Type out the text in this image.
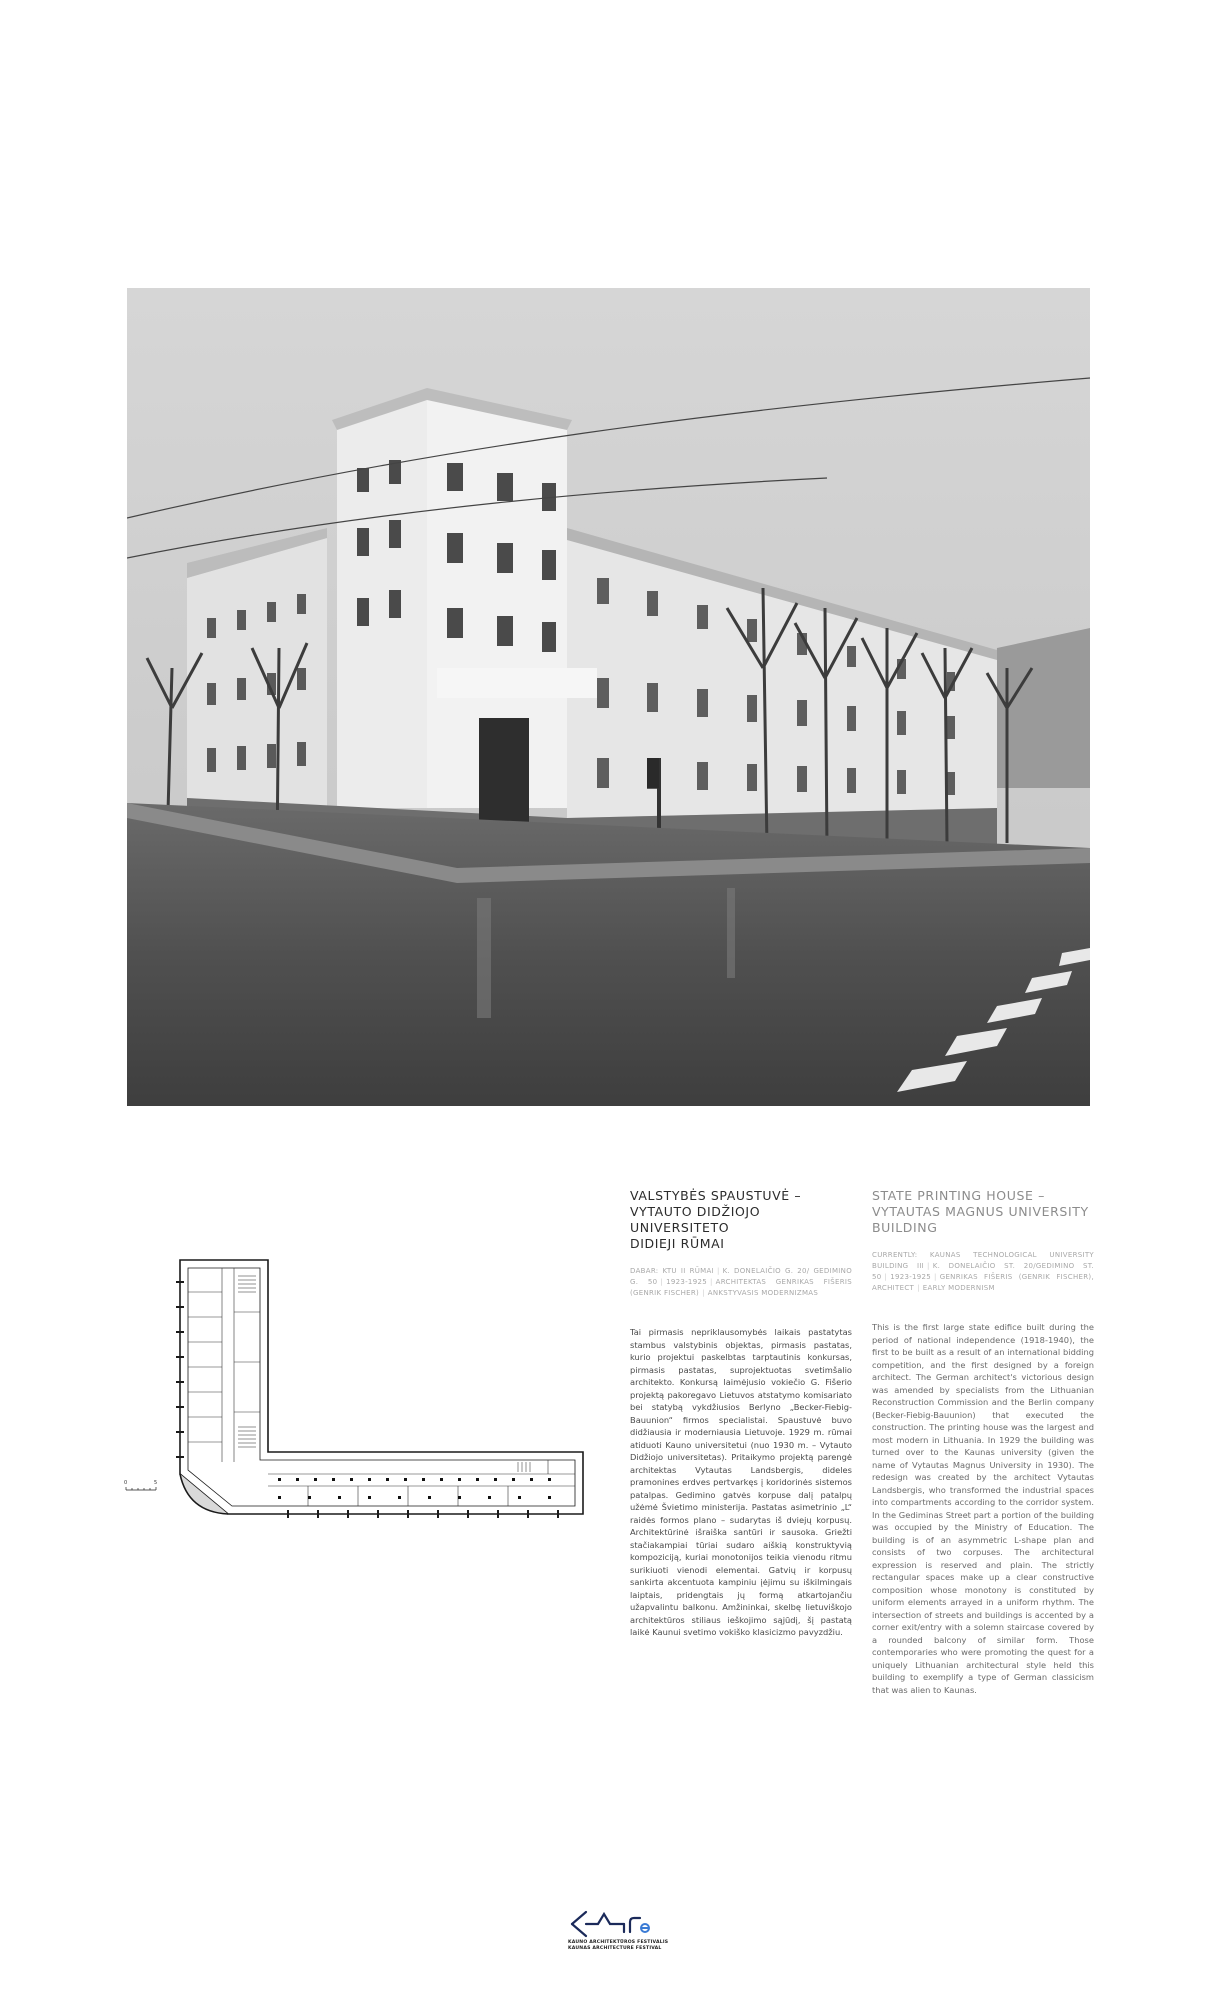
0	5
VALSTYBĖS SPAUSTUVĖ –
VYTAUTO DIDŽIOJO UNIVERSITETO
DIDIEJI RŪMAI
DABAR: KTU II RŪMAI | K. DONELAIČIO G. 20/ GEDIMINO G. 50 | 1923-1925 | ARCHITEKTAS GENRIKAS FIŠERIS (GENRIK FISCHER) | ANKSTYVASIS MODERNIZMAS

Tai pirmasis nepriklausomybės laikais pastatytas stambus valstybinis objektas, pirmasis pastatas, kurio projektui paskelbtas tarptautinis konkursas, pirmasis pastatas, suprojektuotas svetimšalio architekto. Konkursą laimėjusio vokiečio G. Fišerio projektą pakoregavo Lietuvos atstatymo komisariato bei statybą vykdžiusios Berlyno „Becker-Fiebig-Bauunion“ firmos specialistai. Spaustuvė buvo didžiausia ir moderniausia Lietuvoje. 1929 m. rūmai atiduoti Kauno universitetui (nuo 1930 m. – Vytauto Didžiojo universitetas). Pritaikymo projektą parengė architektas Vytautas Landsbergis, dideles pramonines erdves pertvarkęs į koridorinės sistemos patalpas. Gedimino gatvės korpuse dalį patalpų užėmė Švietimo ministerija. Pastatas asimetrinio „L“ raidės formos plano – sudarytas iš dviejų korpusų. Architektūrinė išraiška santūri ir sausoka. Griežti stačiakampiai tūriai sudaro aiškią konstruktyvią kompoziciją, kuriai monotonijos teikia vienodu ritmu surikiuoti vienodi elementai. Gatvių ir korpusų sankirta akcentuota kampiniu įėjimu su iškilmingais laiptais, pridengtais jų formą atkartojančiu užapvalintu balkonu. Amžininkai, skelbę lietuviškojo architektūros stiliaus ieškojimo sąjūdį, šį pastatą laikė Kaunui svetimo vokiško klasicizmo pavyzdžiu.

STATE PRINTING HOUSE –
VYTAUTAS MAGNUS UNIVERSITY
BUILDING
CURRENTLY: KAUNAS TECHNOLOGICAL UNIVERSITY BUILDING III | K. DONELAIČIO ST. 20/GEDIMINO ST. 50 | 1923-1925 | GENRIKAS FIŠERIS (GENRIK FISCHER), ARCHITECT | EARLY MODERNISM

This is the first large state edifice built during the period of national independence (1918-1940), the first to be built as a result of an international bidding competition, and the first designed by a foreign architect. The German architect's victorious design was amended by specialists from the Lithuanian Reconstruction Commission and the Berlin company (Becker-Fiebig-Bauunion) that executed the construction. The printing house was the largest and most modern in Lithuania. In 1929 the building was turned over to the Kaunas university (given the name of Vytautas Magnus University in 1930). The redesign was created by the architect Vytautas Landsbergis, who transformed the industrial spaces into compartments according to the corridor system. In the Gediminas Street part a portion of the building was occupied by the Ministry of Education. The building is of an asymmetric L-shape plan and consists of two corpuses. The architectural expression is reserved and plain. The strictly rectangular spaces make up a clear constructive composition whose monotony is constituted by uniform elements arrayed in a uniform rhythm. The intersection of streets and buildings is accented by a corner exit/entry with a solemn staircase covered by a rounded balcony of similar form. Those contemporaries who were promoting the quest for a uniquely Lithuanian architectural style held this building to exemplify a type of German classicism that was alien to Kaunas.

KAUNO ARCHITEKTŪROS FESTIVALIS
KAUNAS ARCHITECTURE FESTIVAL
